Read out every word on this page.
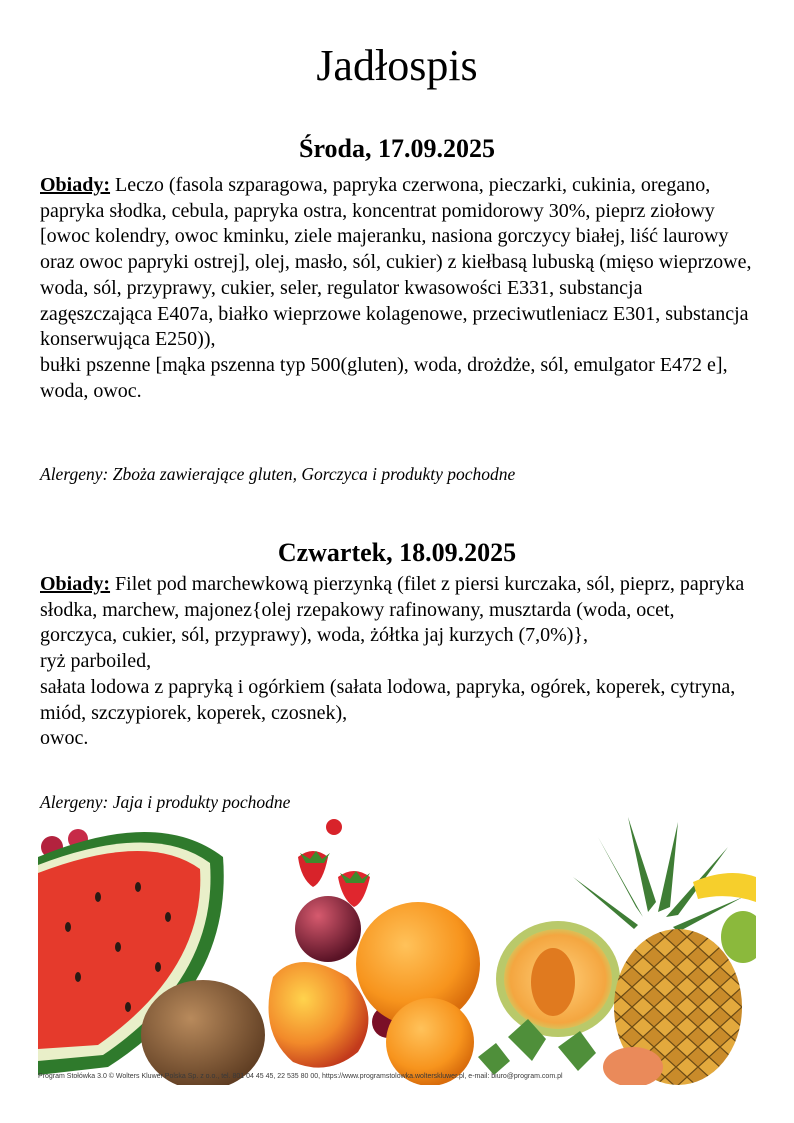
Jadłospis
Środa, 17.09.2025

Obiady: Leczo (fasola szparagowa, papryka czerwona, pieczarki, cukinia, oregano, papryka słodka, cebula, papryka ostra, koncentrat pomidorowy 30%, pieprz ziołowy [owoc kolendry, owoc kminku, ziele majeranku, nasiona gorczycy białej, liść laurowy oraz owoc papryki ostrej], olej, masło, sól, cukier) z kiełbasą lubuską (mięso wieprzowe, woda, sól, przyprawy, cukier, seler, regulator kwasowości E331, substancja zagęszczająca E407a, białko wieprzowe kolagenowe, przeciwutleniacz E301, substancja konserwująca E250)),

bułki pszenne [mąka pszenna typ 500(gluten), woda, drożdże, sól, emulgator E472 e],

woda, owoc.

Alergeny: Zboża zawierające gluten, Gorczyca i produkty pochodne
Czwartek, 18.09.2025

Obiady: Filet pod marchewkową pierzynką (filet z piersi kurczaka, sól, pieprz, papryka słodka, marchew, majonez{olej rzepakowy rafinowany, musztarda (woda, ocet, gorczyca, cukier, sól, przyprawy), woda, żółtka jaj kurzych (7,0%)},

ryż parboiled,

sałata lodowa z papryką i ogórkiem (sałata lodowa, papryka, ogórek, koperek, cytryna, miód, szczypiorek, koperek, czosnek),

owoc.

Alergeny: Jaja i produkty pochodne
Program Stołówka 3.0 © Wolters Kluwer Polska Sp. z o.o., tel. 801 04 45 45, 22 535 80 00, https://www.programstolowka.wolterskluwer.pl, e-mail: biuro@program.com.pl
